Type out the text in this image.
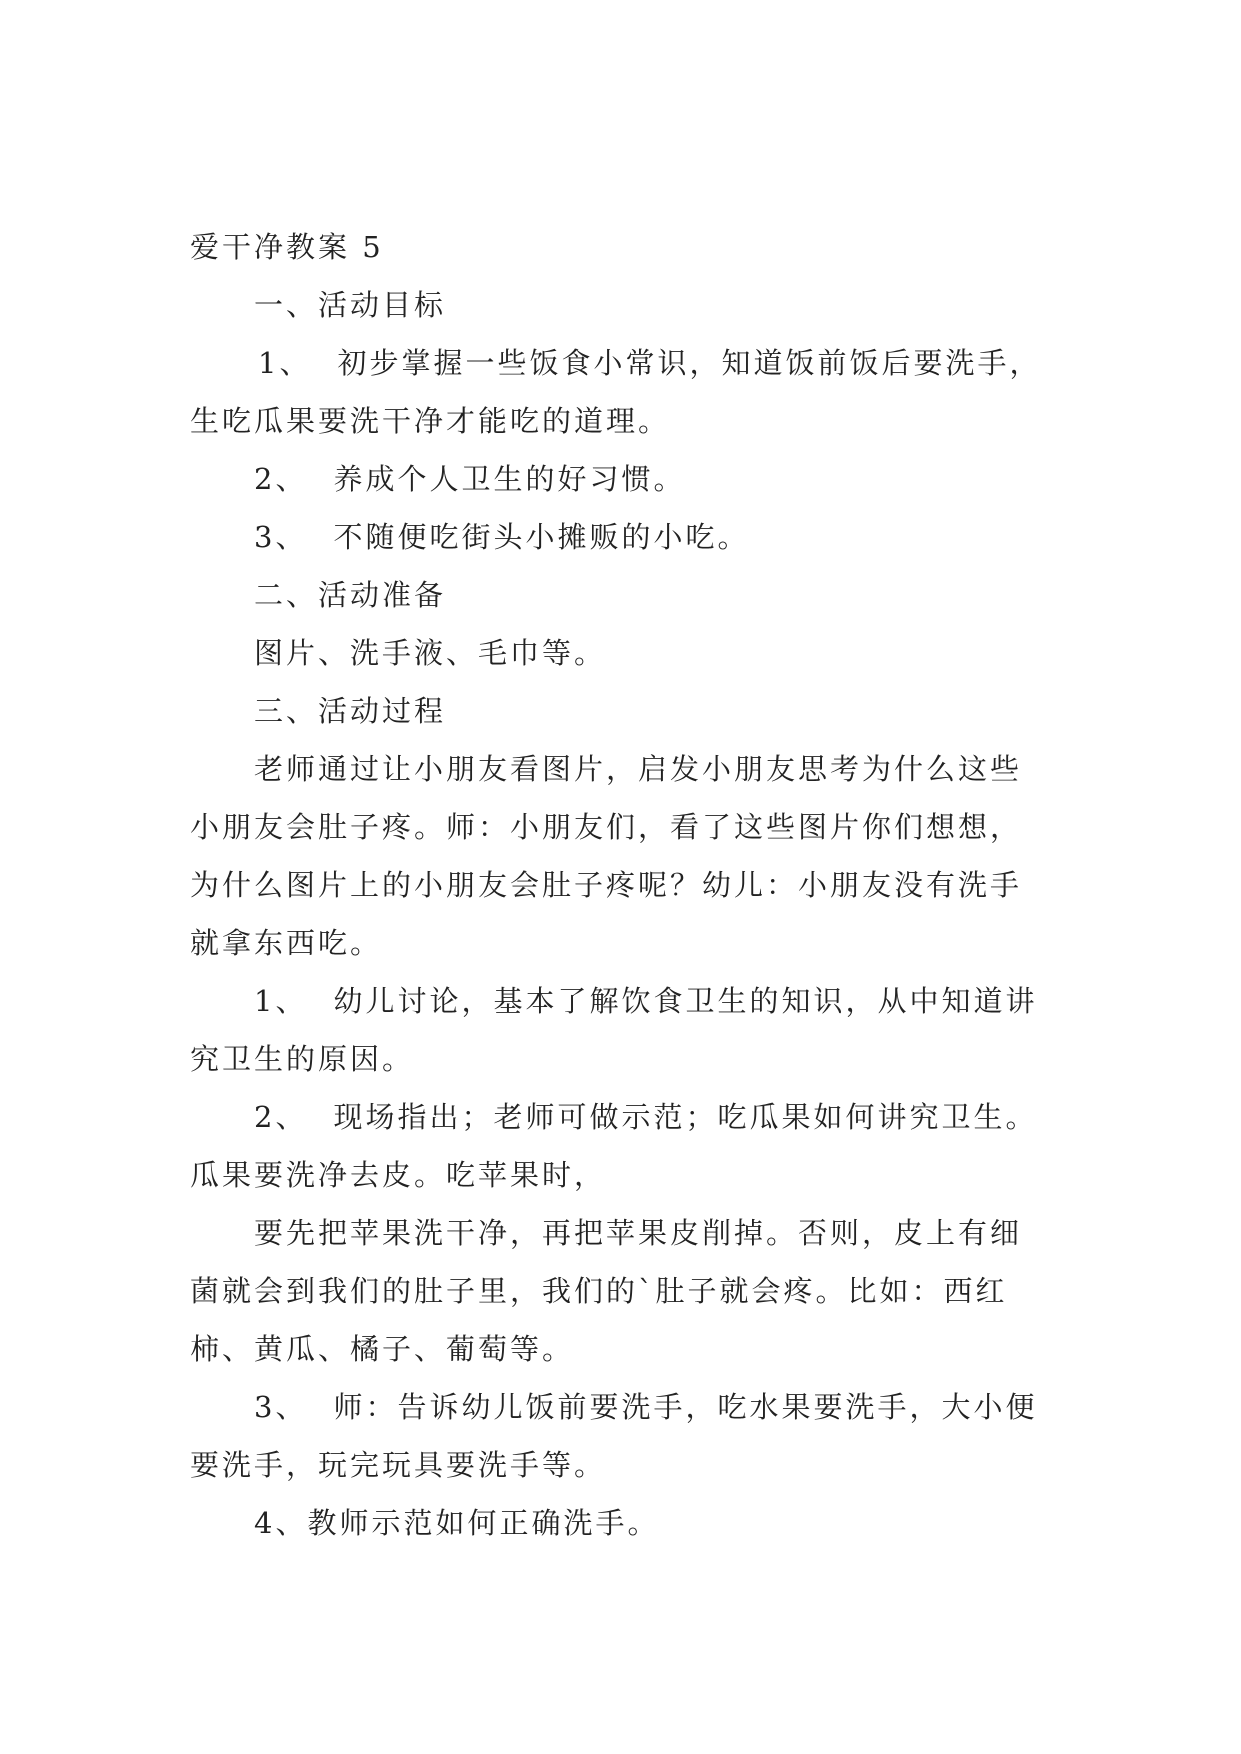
爱干净教案 5

一、活动目标

1、 初步掌握一些饭食小常识，知道饭前饭后要洗手，

生吃瓜果要洗干净才能吃的道理。

2、 养成个人卫生的好习惯。

3、 不随便吃街头小摊贩的小吃。

二、活动准备

图片、洗手液、毛巾等。

三、活动过程

老师通过让小朋友看图片，启发小朋友思考为什么这些

小朋友会肚子疼。师：小朋友们，看了这些图片你们想想，

为什么图片上的小朋友会肚子疼呢？幼儿：小朋友没有洗手

就拿东西吃。

1、 幼儿讨论，基本了解饮食卫生的知识，从中知道讲

究卫生的原因。

2、 现场指出；老师可做示范；吃瓜果如何讲究卫生。

瓜果要洗净去皮。吃苹果时，

要先把苹果洗干净，再把苹果皮削掉。否则，皮上有细

菌就会到我们的肚子里，我们的`肚子就会疼。比如：西红

柿、黄瓜、橘子、葡萄等。

3、 师：告诉幼儿饭前要洗手，吃水果要洗手，大小便

要洗手，玩完玩具要洗手等。

4、教师示范如何正确洗手。
